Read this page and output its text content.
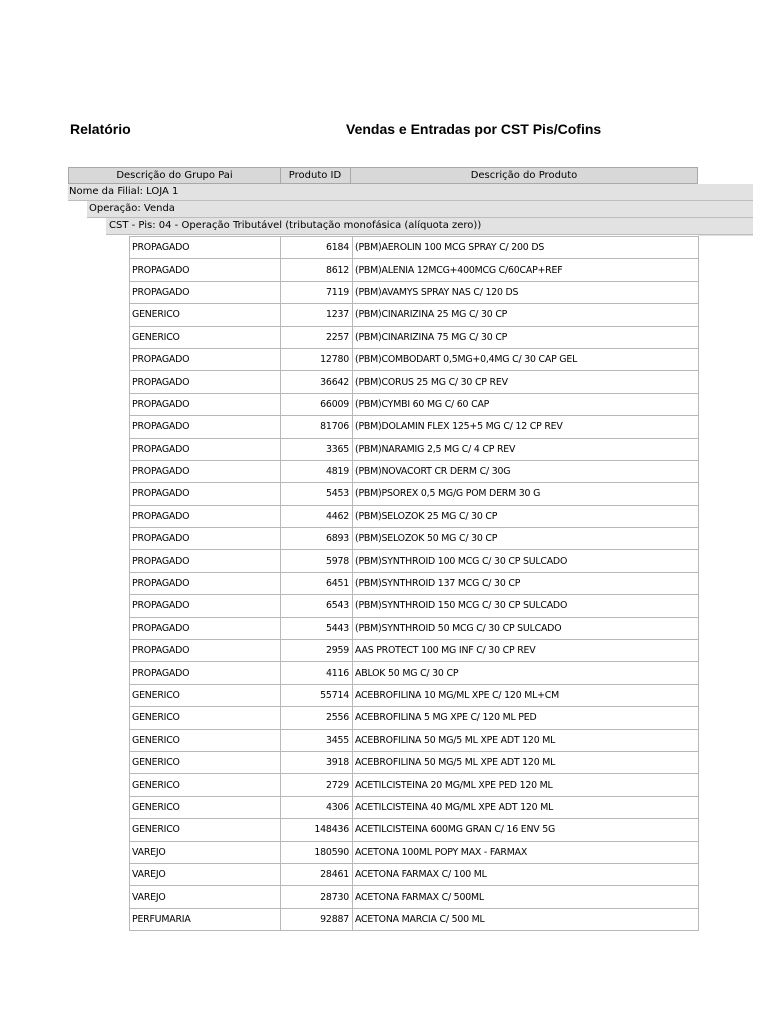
Relatório	Vendas e Entradas por CST Pis/Cofins
Descrição do Grupo Pai	Produto ID	Descrição do Produto
Nome da Filial: LOJA 1
Operação: Venda
CST - Pis: 04 - Operação Tributável (tributação monofásica (alíquota zero))
PROPAGADO	6184	(PBM)AEROLIN 100 MCG SPRAY C/ 200 DS
PROPAGADO	8612	(PBM)ALENIA 12MCG+400MCG C/60CAP+REF
PROPAGADO	7119	(PBM)AVAMYS SPRAY NAS C/ 120 DS
GENERICO	1237	(PBM)CINARIZINA 25 MG C/ 30 CP
GENERICO	2257	(PBM)CINARIZINA 75 MG C/ 30 CP
PROPAGADO	12780	(PBM)COMBODART 0,5MG+0,4MG C/ 30 CAP GEL
PROPAGADO	36642	(PBM)CORUS 25 MG C/ 30 CP REV
PROPAGADO	66009	(PBM)CYMBI 60 MG C/ 60 CAP
PROPAGADO	81706	(PBM)DOLAMIN FLEX 125+5 MG C/ 12 CP REV
PROPAGADO	3365	(PBM)NARAMIG 2,5 MG C/ 4 CP REV
PROPAGADO	4819	(PBM)NOVACORT CR DERM C/ 30G
PROPAGADO	5453	(PBM)PSOREX 0,5 MG/G POM DERM 30 G
PROPAGADO	4462	(PBM)SELOZOK 25 MG C/ 30 CP
PROPAGADO	6893	(PBM)SELOZOK 50 MG C/ 30 CP
PROPAGADO	5978	(PBM)SYNTHROID 100 MCG C/ 30 CP SULCADO
PROPAGADO	6451	(PBM)SYNTHROID 137 MCG C/ 30 CP
PROPAGADO	6543	(PBM)SYNTHROID 150 MCG C/ 30 CP SULCADO
PROPAGADO	5443	(PBM)SYNTHROID 50 MCG C/ 30 CP SULCADO
PROPAGADO	2959	AAS PROTECT 100 MG INF C/ 30 CP REV
PROPAGADO	4116	ABLOK 50 MG C/ 30 CP
GENERICO	55714	ACEBROFILINA 10 MG/ML XPE C/ 120 ML+CM
GENERICO	2556	ACEBROFILINA 5 MG XPE C/ 120 ML PED
GENERICO	3455	ACEBROFILINA 50 MG/5 ML XPE ADT 120 ML
GENERICO	3918	ACEBROFILINA 50 MG/5 ML XPE ADT 120 ML
GENERICO	2729	ACETILCISTEINA 20 MG/ML XPE PED 120 ML
GENERICO	4306	ACETILCISTEINA 40 MG/ML XPE ADT 120 ML
GENERICO	148436	ACETILCISTEINA 600MG GRAN C/ 16 ENV 5G
VAREJO	180590	ACETONA 100ML POPY MAX - FARMAX
VAREJO	28461	ACETONA FARMAX C/ 100 ML
VAREJO	28730	ACETONA FARMAX C/ 500ML
PERFUMARIA	92887	ACETONA MARCIA C/ 500 ML
